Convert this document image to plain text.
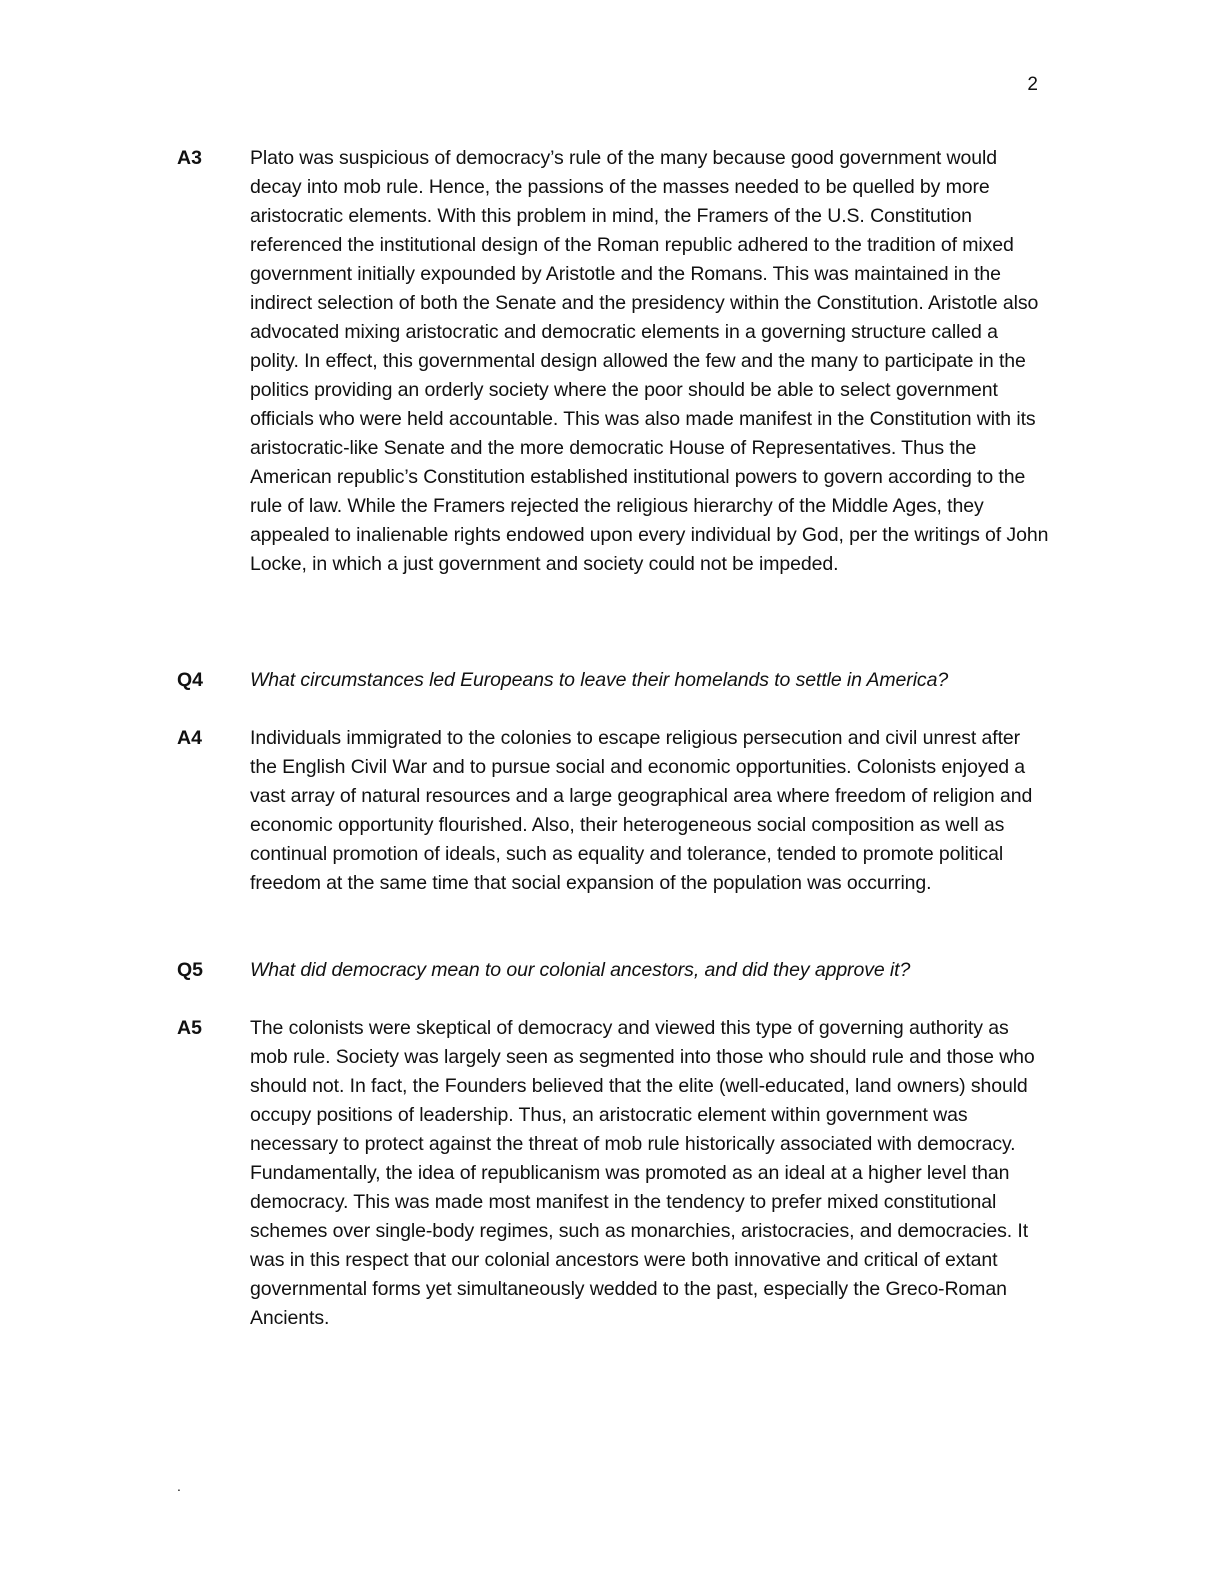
2
A3	Plato was suspicious of democracy’s rule of the many because good government would decay into mob rule. Hence, the passions of the masses needed to be quelled by more aristocratic elements. With this problem in mind, the Framers of the U.S. Constitution referenced the institutional design of the Roman republic adhered to the tradition of mixed government initially expounded by Aristotle and the Romans. This was maintained in the indirect selection of both the Senate and the presidency within the Constitution. Aristotle also advocated mixing aristocratic and democratic elements in a governing structure called a polity. In effect, this governmental design allowed the few and the many to participate in the politics providing an orderly society where the poor should be able to select government officials who were held accountable. This was also made manifest in the Constitution with its aristocratic-like Senate and the more democratic House of Representatives. Thus the American republic’s Constitution established institutional powers to govern according to the rule of law. While the Framers rejected the religious hierarchy of the Middle Ages, they appealed to inalienable rights endowed upon every individual by God, per the writings of John Locke, in which a just government and society could not be impeded.
Q4	What circumstances led Europeans to leave their homelands to settle in America?
A4	Individuals immigrated to the colonies to escape religious persecution and civil unrest after the English Civil War and to pursue social and economic opportunities. Colonists enjoyed a vast array of natural resources and a large geographical area where freedom of religion and economic opportunity flourished. Also, their heterogeneous social composition as well as continual promotion of ideals, such as equality and tolerance, tended to promote political freedom at the same time that social expansion of the population was occurring.
Q5	What did democracy mean to our colonial ancestors, and did they approve it?
A5	The colonists were skeptical of democracy and viewed this type of governing authority as mob rule. Society was largely seen as segmented into those who should rule and those who should not. In fact, the Founders believed that the elite (well-educated, land owners) should occupy positions of leadership. Thus, an aristocratic element within government was necessary to protect against the threat of mob rule historically associated with democracy. Fundamentally, the idea of republicanism was promoted as an ideal at a higher level than democracy. This was made most manifest in the tendency to prefer mixed constitutional schemes over single-body regimes, such as monarchies, aristocracies, and democracies. It was in this respect that our colonial ancestors were both innovative and critical of extant governmental forms yet simultaneously wedded to the past, especially the Greco-Roman Ancients.
.
